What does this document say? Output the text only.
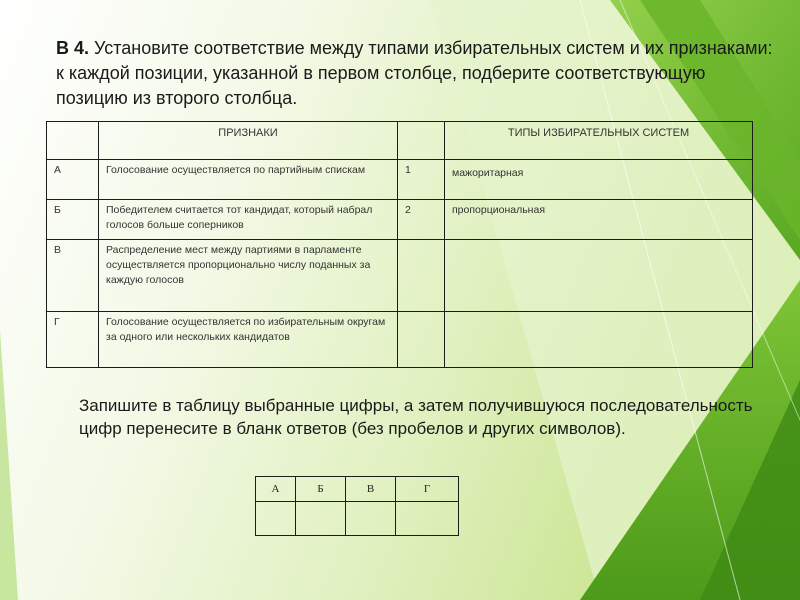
В 4. Установите соответствие между типами избирательных систем и их признаками: к каждой позиции, указанной в первом столбце, подберите соответствующую позицию из второго столбца.
	ПРИЗНАКИ		ТИПЫ ИЗБИРАТЕЛЬНЫХ СИСТЕМ
А	Голосование осуществляется по партийным спискам	1	мажоритарная
Б	Победителем считается тот кандидат, который набрал голосов больше соперников	2	пропорциональная
В	Распределение мест между партиями в парламенте осуществляется пропорционально числу поданных за каждую голосов		
Г	Голосование осуществляется по избирательным округам за одного или нескольких кандидатов		
Запишите в таблицу выбранные цифры, а затем получившуюся последовательность цифр перенесите в бланк ответов (без пробелов и других символов).
А	Б	В	Г
